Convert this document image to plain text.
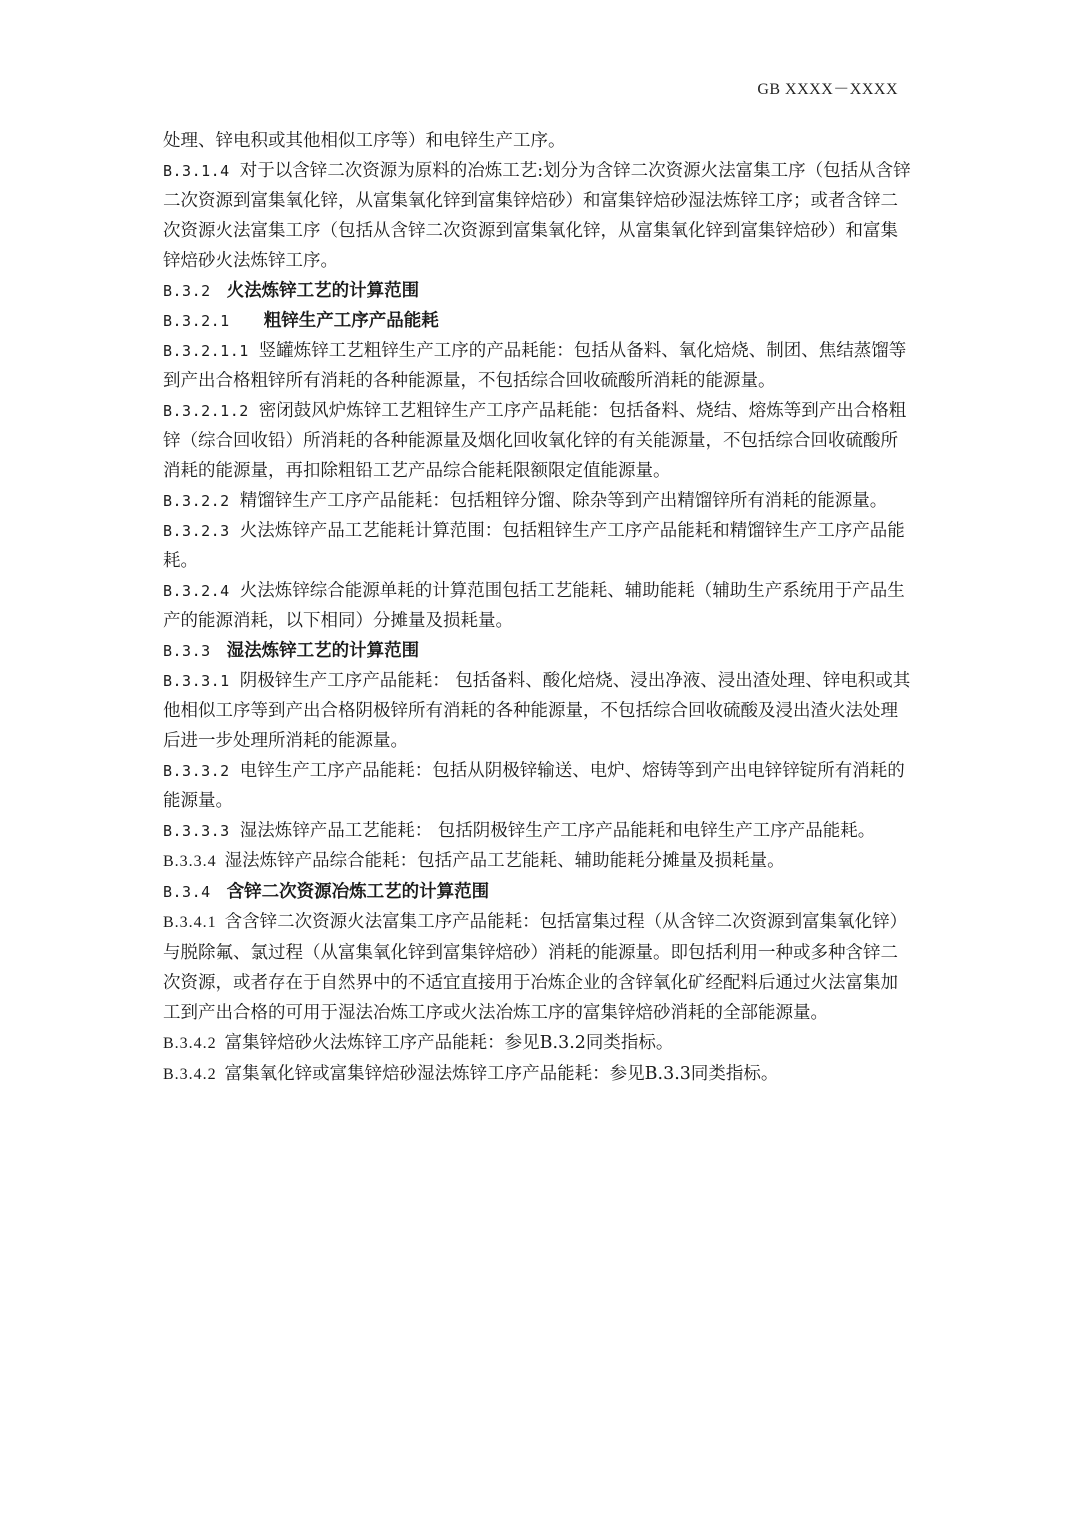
GB XXXX－XXXX

处理、锌电积或其他相似工序等）和电锌生产工序。

B.3.1.4 对于以含锌二次资源为原料的冶炼工艺:划分为含锌二次资源火法富集工序（包括从含锌二次资源到富集氧化锌，从富集氧化锌到富集锌焙砂）和富集锌焙砂湿法炼锌工序；或者含锌二次资源火法富集工序（包括从含锌二次资源到富集氧化锌，从富集氧化锌到富集锌焙砂）和富集锌焙砂火法炼锌工序。

B.3.2 火法炼锌工艺的计算范围

B.3.2.1 粗锌生产工序产品能耗

B.3.2.1.1 竖罐炼锌工艺粗锌生产工序的产品耗能：包括从备料、氧化焙烧、制团、焦结蒸馏等到产出合格粗锌所有消耗的各种能源量，不包括综合回收硫酸所消耗的能源量。

B.3.2.1.2 密闭鼓风炉炼锌工艺粗锌生产工序产品耗能：包括备料、烧结、熔炼等到产出合格粗锌（综合回收铅）所消耗的各种能源量及烟化回收氧化锌的有关能源量，不包括综合回收硫酸所消耗的能源量，再扣除粗铅工艺产品综合能耗限额限定值能源量。

B.3.2.2 精馏锌生产工序产品能耗：包括粗锌分馏、除杂等到产出精馏锌所有消耗的能源量。

B.3.2.3 火法炼锌产品工艺能耗计算范围：包括粗锌生产工序产品能耗和精馏锌生产工序产品能耗。

B.3.2.4 火法炼锌综合能源单耗的计算范围包括工艺能耗、辅助能耗（辅助生产系统用于产品生产的能源消耗，以下相同）分摊量及损耗量。

B.3.3 湿法炼锌工艺的计算范围

B.3.3.1 阴极锌生产工序产品能耗： 包括备料、酸化焙烧、浸出净液、浸出渣处理、锌电积或其他相似工序等到产出合格阴极锌所有消耗的各种能源量，不包括综合回收硫酸及浸出渣火法处理后进一步处理所消耗的能源量。

B.3.3.2 电锌生产工序产品能耗：包括从阴极锌输送、电炉、熔铸等到产出电锌锌锭所有消耗的能源量。

B.3.3.3 湿法炼锌产品工艺能耗： 包括阴极锌生产工序产品能耗和电锌生产工序产品能耗。

B.3.3.4 湿法炼锌产品综合能耗：包括产品工艺能耗、辅助能耗分摊量及损耗量。

B.3.4 含锌二次资源冶炼工艺的计算范围

B.3.4.1 含含锌二次资源火法富集工序产品能耗：包括富集过程（从含锌二次资源到富集氧化锌）与脱除氟、氯过程（从富集氧化锌到富集锌焙砂）消耗的能源量。即包括利用一种或多种含锌二次资源，或者存在于自然界中的不适宜直接用于冶炼企业的含锌氧化矿经配料后通过火法富集加工到产出合格的可用于湿法冶炼工序或火法冶炼工序的富集锌焙砂消耗的全部能源量。

B.3.4.2 富集锌焙砂火法炼锌工序产品能耗：参见B.3.2同类指标。

B.3.4.2 富集氧化锌或富集锌焙砂湿法炼锌工序产品能耗：参见B.3.3同类指标。
